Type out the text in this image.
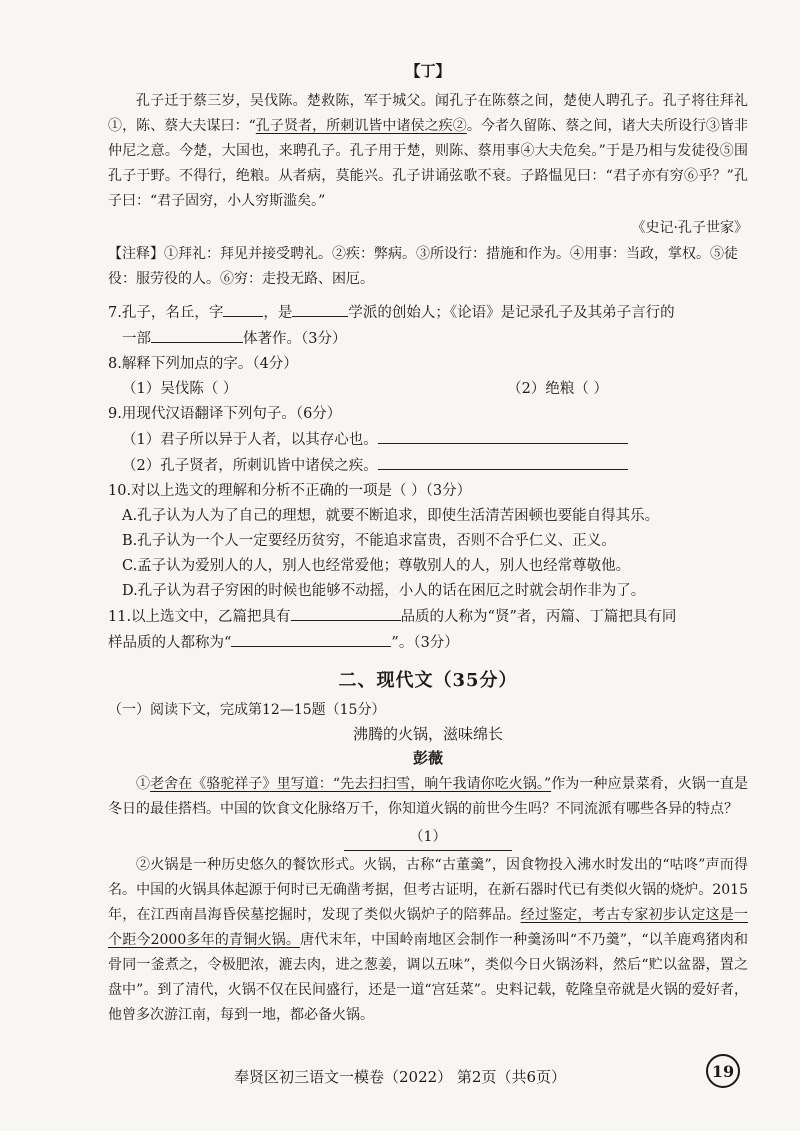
【丁】

孔子迁于蔡三岁，吴伐陈。楚救陈，军于城父。闻孔子在陈蔡之间，楚使人聘孔子。孔子将往拜礼①，陈、蔡大夫谋曰：“孔子贤者，所刺讥皆中诸侯之疾②。今者久留陈、蔡之间，诸大夫所设行③皆非仲尼之意。今楚，大国也，来聘孔子。孔子用于楚，则陈、蔡用事④大夫危矣。”于是乃相与发徒役⑤围孔子于野。不得行，绝粮。从者病，莫能兴。孔子讲诵弦歌不衰。子路愠见曰：“君子亦有穷⑥乎？”孔子曰：“君子固穷，小人穷斯滥矣。”

《史记·孔子世家》

【注释】①拜礼：拜见并接受聘礼。②疾：弊病。③所设行：措施和作为。④用事：当政，掌权。⑤徒役：服劳役的人。⑥穷：走投无路、困厄。

7.孔子，名丘，字	，是	学派的创始人；《论语》是记录孔子及其弟子言行的

一部	体著作。（3分）

8.解释下列加点的字。（4分）

（1）吴伐陈（ ）	（2）绝粮（ ）

9.用现代汉语翻译下列句子。（6分）

（1）君子所以异于人者，以其存心也。

（2）孔子贤者，所刺讥皆中诸侯之疾。

10.对以上选文的理解和分析不正确的一项是（ ）（3分）

A.孔子认为人为了自己的理想，就要不断追求，即使生活清苦困顿也要能自得其乐。

B.孔子认为一个人一定要经历贫穷，不能追求富贵，否则不合乎仁义、正义。

C.孟子认为爱别人的人，别人也经常爱他；尊敬别人的人，别人也经常尊敬他。

D.孔子认为君子穷困的时候也能够不动摇，小人的话在困厄之时就会胡作非为了。

11.以上选文中，乙篇把具有	品质的人称为“贤”者，丙篇、丁篇把具有同

样品质的人都称为“	”。（3分）

二、现代文（35分）

（一）阅读下文，完成第12—15题（15分）

沸腾的火锅，滋味绵长

彭薇

①老舍在《骆驼祥子》里写道：“先去扫扫雪，晌午我请你吃火锅。”作为一种应景菜肴，火锅一直是冬日的最佳搭档。中国的饮食文化脉络万千，你知道火锅的前世今生吗？不同流派有哪些各异的特点？

（1）

②火锅是一种历史悠久的餐饮形式。火锅，古称“古董羹”，因食物投入沸水时发出的“咕咚”声而得名。中国的火锅具体起源于何时已无确凿考据，但考古证明，在新石器时代已有类似火锅的烧炉。2015年，在江西南昌海昏侯墓挖掘时，发现了类似火锅炉子的陪葬品。经过鉴定，考古专家初步认定这是一个距今2000多年的青铜火锅。唐代末年，中国岭南地区会制作一种羹汤叫“不乃羹”，“以羊鹿鸡猪肉和骨同一釜煮之，令极肥浓，漉去肉，进之葱姜，调以五味”，类似今日火锅汤料，然后“贮以盆器，置之盘中”。到了清代，火锅不仅在民间盛行，还是一道“宫廷菜”。史料记载，乾隆皇帝就是火锅的爱好者，他曾多次游江南，每到一地，都必备火锅。

奉贤区初三语文一模卷（2022） 第2页（共6页）	19
